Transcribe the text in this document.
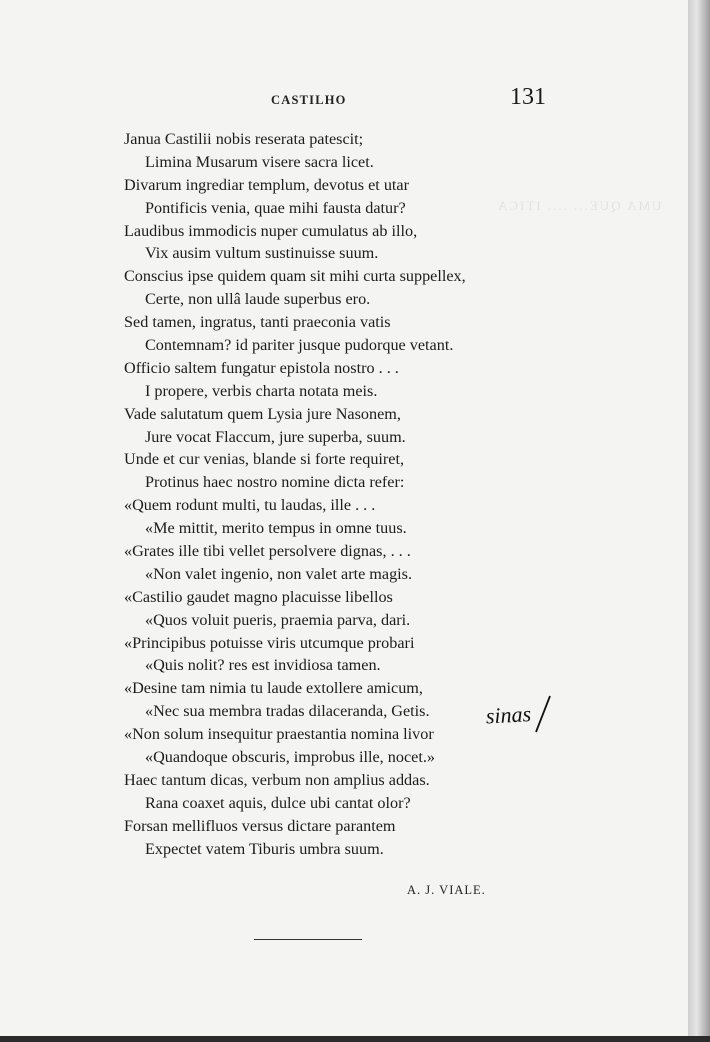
UMA QUE... .... ITICA
CASTILHO	131
Janua Castilii nobis reserata patescit;
Limina Musarum visere sacra licet.
Divarum ingrediar templum, devotus et utar
Pontificis venia, quae mihi fausta datur?
Laudibus immodicis nuper cumulatus ab illo,
Vix ausim vultum sustinuisse suum.
Conscius ipse quidem quam sit mihi curta suppellex,
Certe, non ullâ laude superbus ero.
Sed tamen, ingratus, tanti praeconia vatis
Contemnam? id pariter jusque pudorque vetant.
Officio saltem fungatur epistola nostro . . .
I propere, verbis charta notata meis.
Vade salutatum quem Lysia jure Nasonem,
Jure vocat Flaccum, jure superba, suum.
Unde et cur venias, blande si forte requiret,
Protinus haec nostro nomine dicta refer:
«Quem rodunt multi, tu laudas, ille . . .
«Me mittit, merito tempus in omne tuus.
«Grates ille tibi vellet persolvere dignas, . . .
«Non valet ingenio, non valet arte magis.
«Castilio gaudet magno placuisse libellos
«Quos voluit pueris, praemia parva, dari.
«Principibus potuisse viris utcumque probari
«Quis nolit? res est invidiosa tamen.
«Desine tam nimia tu laude extollere amicum,
«Nec sua membra tradas dilaceranda, Getis.
«Non solum insequitur praestantia nomina livor
«Quandoque obscuris, improbus ille, nocet.»
Haec tantum dicas, verbum non amplius addas.
Rana coaxet aquis, dulce ubi cantat olor?
Forsan mellifluos versus dictare parantem
Expectet vatem Tiburis umbra suum.
sinas
A. J. VIALE.
